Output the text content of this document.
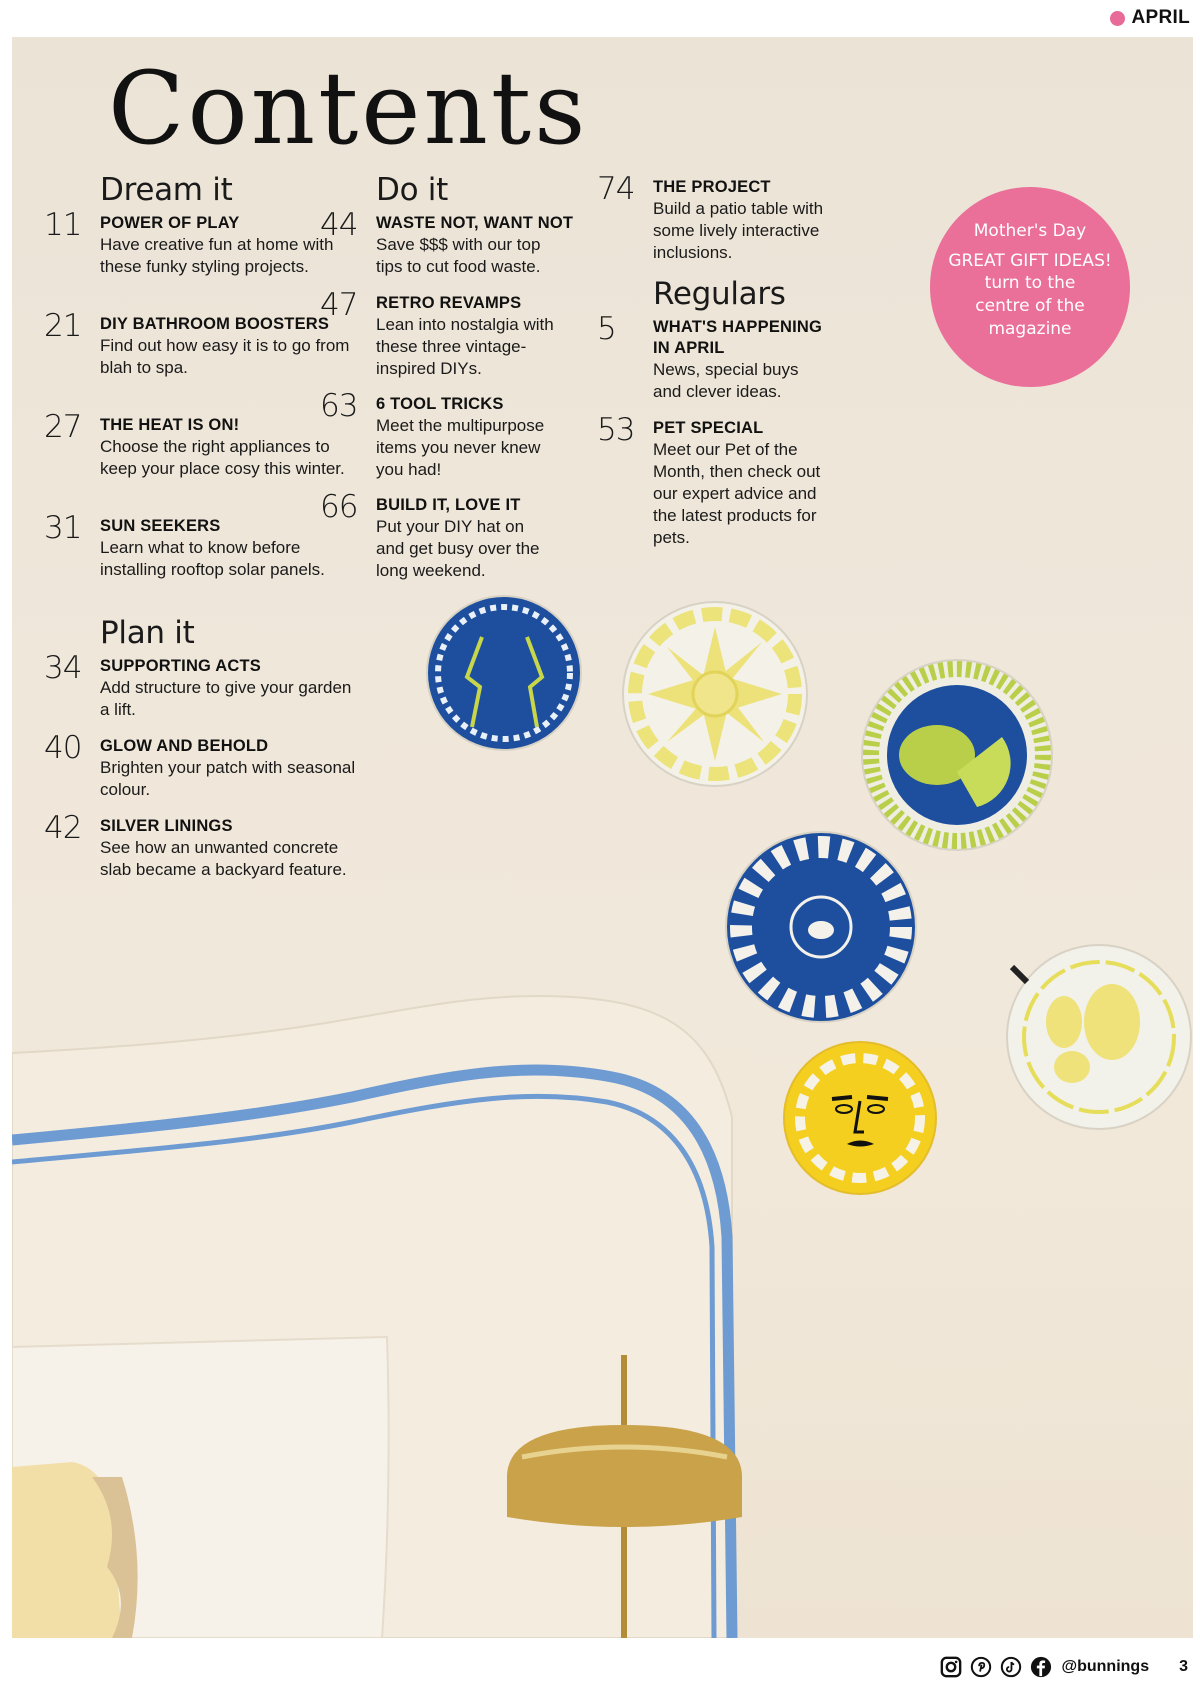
APRIL
Contents
Dream it
11 POWER OF PLAY
Have creative fun at home with these funky styling projects.
21 DIY BATHROOM BOOSTERS
Find out how easy it is to go from blah to spa.
27 THE HEAT IS ON!
Choose the right appliances to keep your place cosy this winter.
31 SUN SEEKERS
Learn what to know before installing rooftop solar panels.
Plan it
34 SUPPORTING ACTS
Add structure to give your garden a lift.
40 GLOW AND BEHOLD
Brighten your patch with seasonal colour.
42 SILVER LININGS
See how an unwanted concrete slab became a backyard feature.
Do it
44 WASTE NOT, WANT NOT
Save $$$ with our top tips to cut food waste.
47 RETRO REVAMPS
Lean into nostalgia with these three vintage-inspired DIYs.
63 6 TOOL TRICKS
Meet the multipurpose items you never knew you had!
66 BUILD IT, LOVE IT
Put your DIY hat on and get busy over the long weekend.
74 THE PROJECT
Build a patio table with some lively interactive inclusions.
Regulars
5 WHAT'S HAPPENING IN APRIL
News, special buys and clever ideas.
53 PET SPECIAL
Meet our Pet of the Month, then check out our expert advice and the latest products for pets.
Mother's Day
GREAT GIFT IDEAS!
turn to the centre of the magazine
@bunnings 3
